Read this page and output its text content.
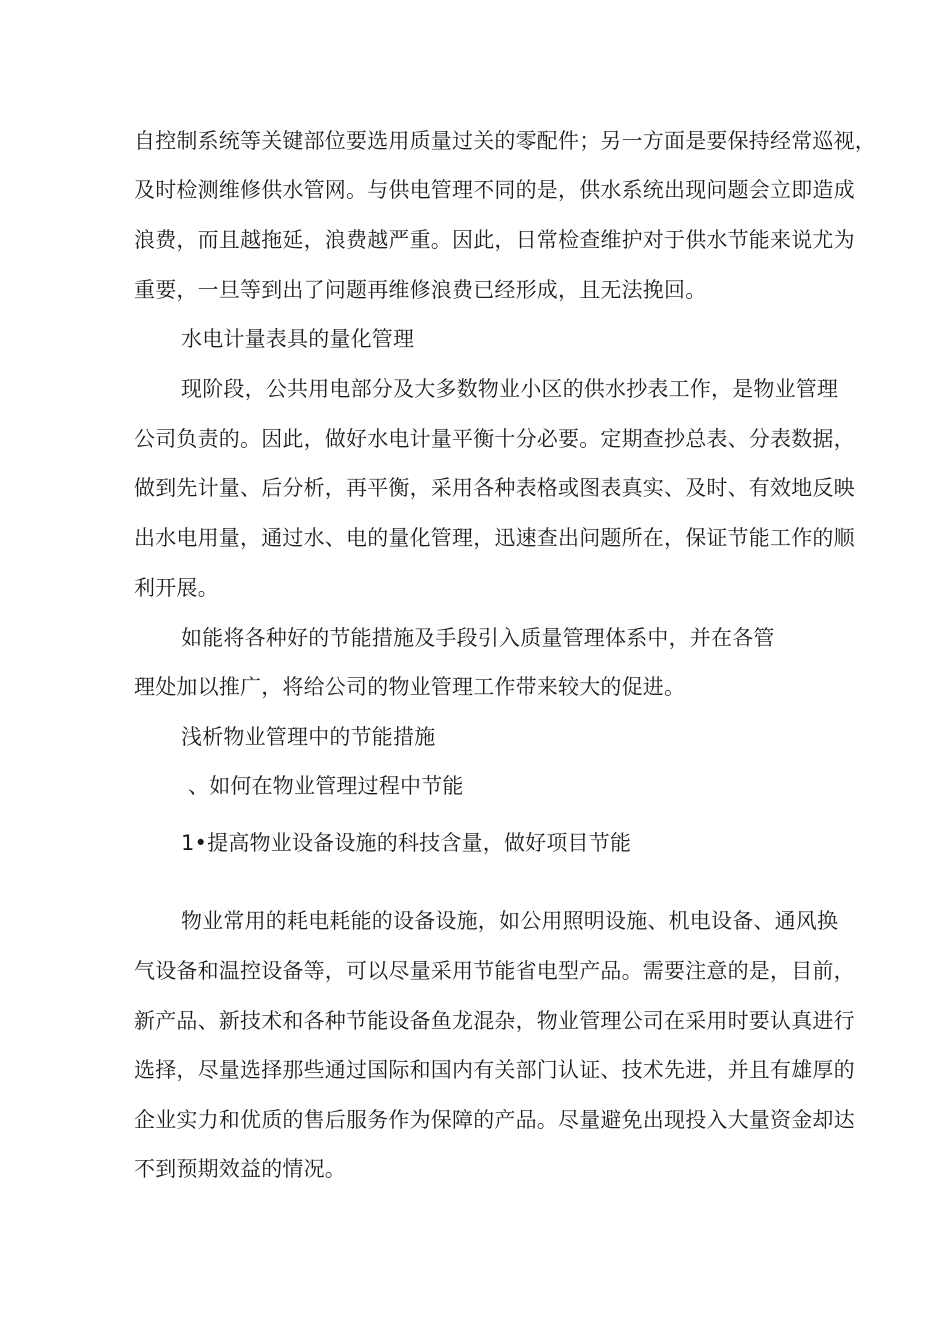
自控制系统等关键部位要选用质量过关的零配件；另一方面是要保持经常巡视，
及时检测维修供水管网。与供电管理不同的是，供水系统出现问题会立即造成
浪费，而且越拖延，浪费越严重。因此，日常检查维护对于供水节能来说尤为
重要，一旦等到出了问题再维修浪费已经形成，且无法挽回。
水电计量表具的量化管理
现阶段，公共用电部分及大多数物业小区的供水抄表工作，是物业管理
公司负责的。因此，做好水电计量平衡十分必要。定期查抄总表、分表数据，
做到先计量、后分析，再平衡，采用各种表格或图表真实、及时、有效地反映
出水电用量，通过水、电的量化管理，迅速查出问题所在，保证节能工作的顺
利开展。
如能将各种好的节能措施及手段引入质量管理体系中，并在各管
理处加以推广，将给公司的物业管理工作带来较大的促进。
浅析物业管理中的节能措施
、如何在物业管理过程中节能
1•提高物业设备设施的科技含量，做好项目节能
物业常用的耗电耗能的设备设施，如公用照明设施、机电设备、通风换
气设备和温控设备等，可以尽量采用节能省电型产品。需要注意的是，目前，
新产品、新技术和各种节能设备鱼龙混杂，物业管理公司在采用时要认真进行
选择，尽量选择那些通过国际和国内有关部门认证、技术先进，并且有雄厚的
企业实力和优质的售后服务作为保障的产品。尽量避免出现投入大量资金却达
不到预期效益的情况。
